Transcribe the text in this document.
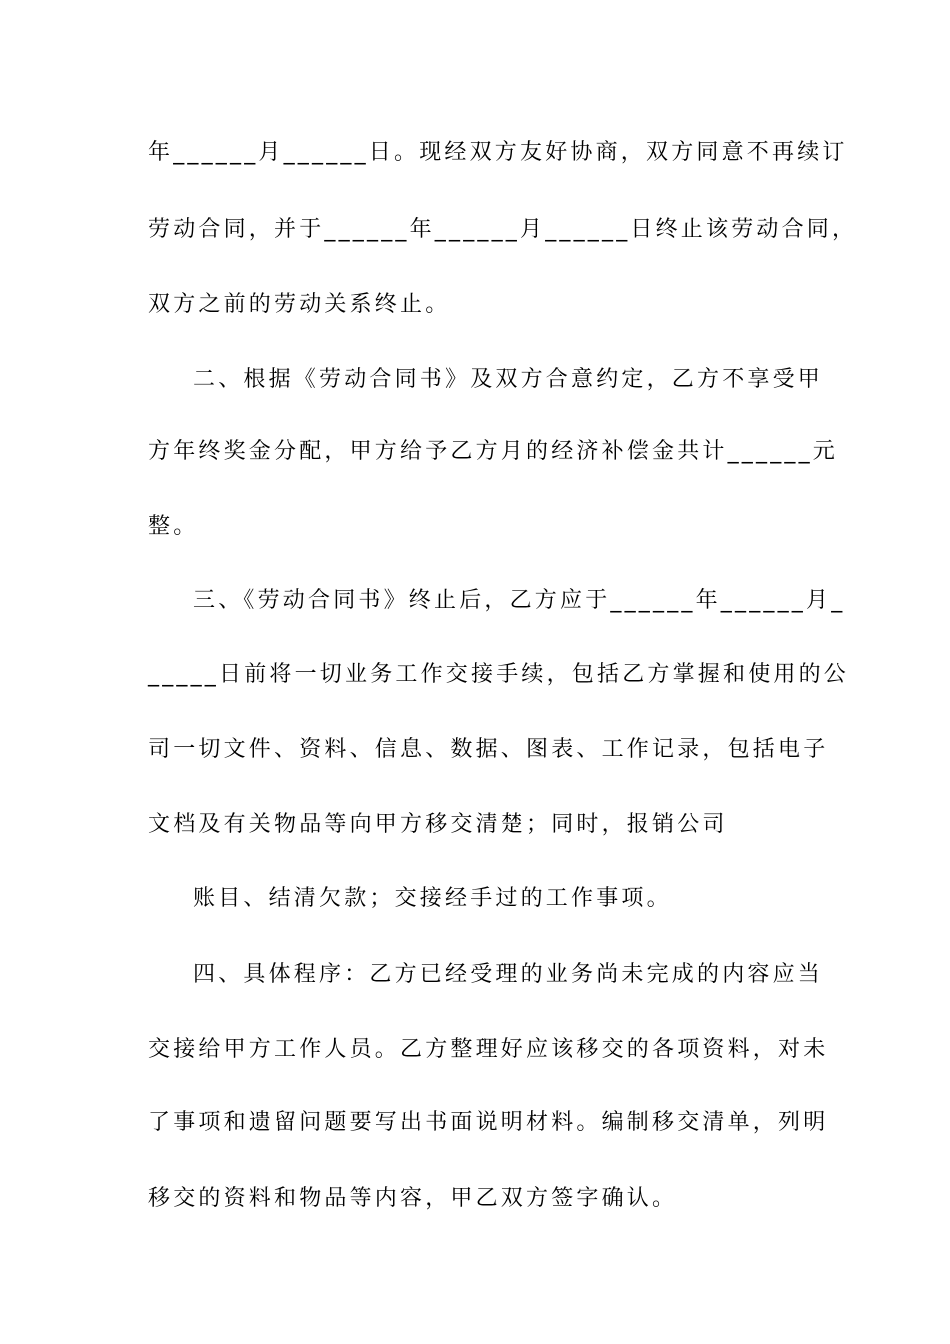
年______月______日。现经双方友好协商，双方同意不再续订
劳动合同，并于______年______月______日终止该劳动合同，
双方之前的劳动关系终止。
二、根据《劳动合同书》及双方合意约定，乙方不享受甲
方年终奖金分配，甲方给予乙方月的经济补偿金共计______元
整。
三、《劳动合同书》终止后，乙方应于______年______月_
_____日前将一切业务工作交接手续，包括乙方掌握和使用的公
司一切文件、资料、信息、数据、图表、工作记录，包括电子
文档及有关物品等向甲方移交清楚；同时，报销公司
账目、结清欠款；交接经手过的工作事项。
四、具体程序：乙方已经受理的业务尚未完成的内容应当
交接给甲方工作人员。乙方整理好应该移交的各项资料，对未
了事项和遗留问题要写出书面说明材料。编制移交清单，列明
移交的资料和物品等内容，甲乙双方签字确认。
